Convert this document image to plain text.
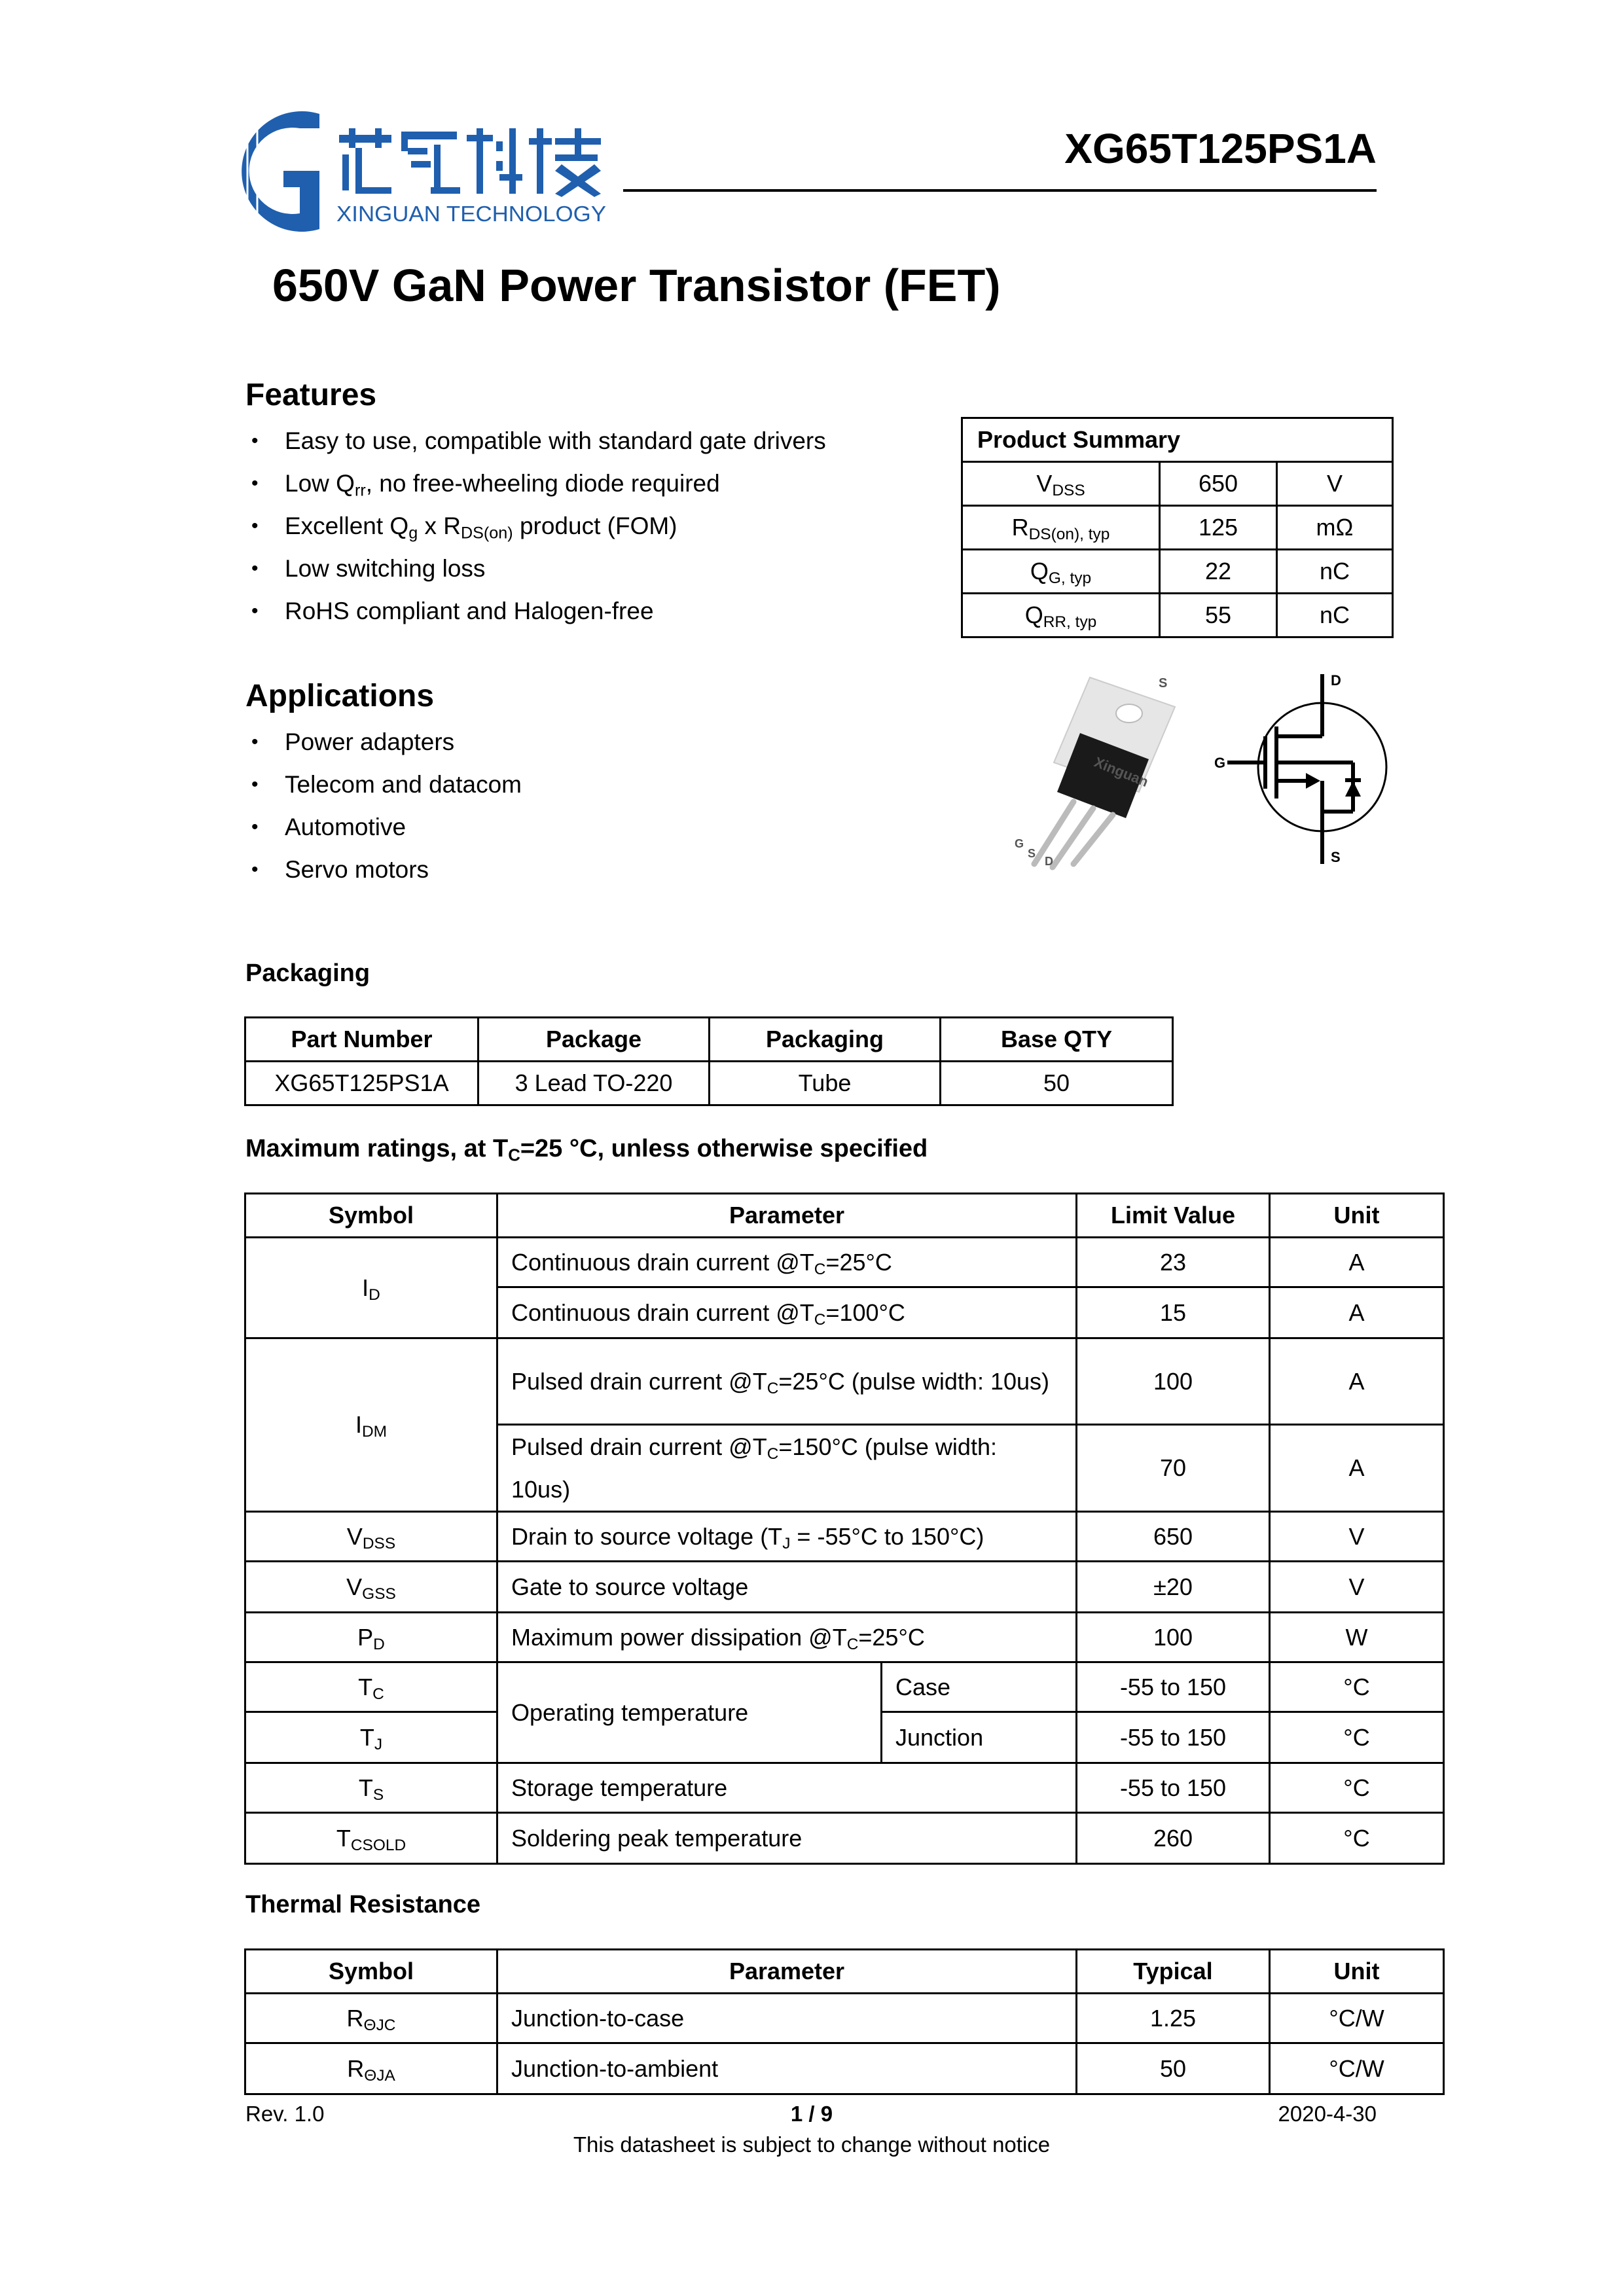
XINGUAN TECHNOLOGY
XG65T125PS1A
650V GaN Power Transistor (FET)
Features
• Easy to use, compatible with standard gate drivers
• Low $Q_{rr}$, no free-wheeling diode required
• Excellent $Q_g$ x $R_{DS(on)}$ product (FOM)
• Low switching loss
• RoHS compliant and Halogen-free
Product Summary		
$V_{DSS}$	650	V
$R_{DS(on), typ}$	125	mΩ
$Q_{G, typ}$	22	nC
$Q_{RR, typ}$	55	nC
Applications
• Power adapters
• Telecom and datacom
• Automotive
• Servo motors
Xinguan
S
G
S
D
D
G
S
Packaging
Part Number	Package	Packaging	Base QTY
XG65T125PS1A	3 Lead TO-220	Tube	50
Maximum ratings, at $T_C=25$ °C, unless otherwise specified
Symbol	Parameter		Limit Value	Unit
$I_D$	Continuous drain current $@T_C=25^\circ C$		23	A
	Continuous drain current $@T_C=100^\circ C$		15	A
$I_{DM}$	Pulsed drain current $@T_C=25^\circ C$ (pulse width: 10us)		100	A
	Pulsed drain current $@T_C=150^\circ C$ (pulse width: 10us)		70	A
$V_{DSS}$	Drain to source voltage ($T_J = -55^\circ C$ to 150°C)		650	V
$V_{GSS}$	Gate to source voltage		±20	V
$P_D$	Maximum power dissipation $@T_C=25^\circ C$		100	W
$T_C$	Operating temperature	Case	-55 to 150	°C
$T_J$		Junction	-55 to 150	°C
$T_S$	Storage temperature		-55 to 150	°C
$T_{CSOLD}$	Soldering peak temperature		260	°C
Thermal Resistance
Symbol	Parameter	Typical	Unit
$R_{\Theta JC}$	Junction-to-case	1.25	°C/W
$R_{\Theta JA}$	Junction-to-ambient	50	°C/W
Rev. 1.0	1 / 9	2020-4-30
This datasheet is subject to change without notice
